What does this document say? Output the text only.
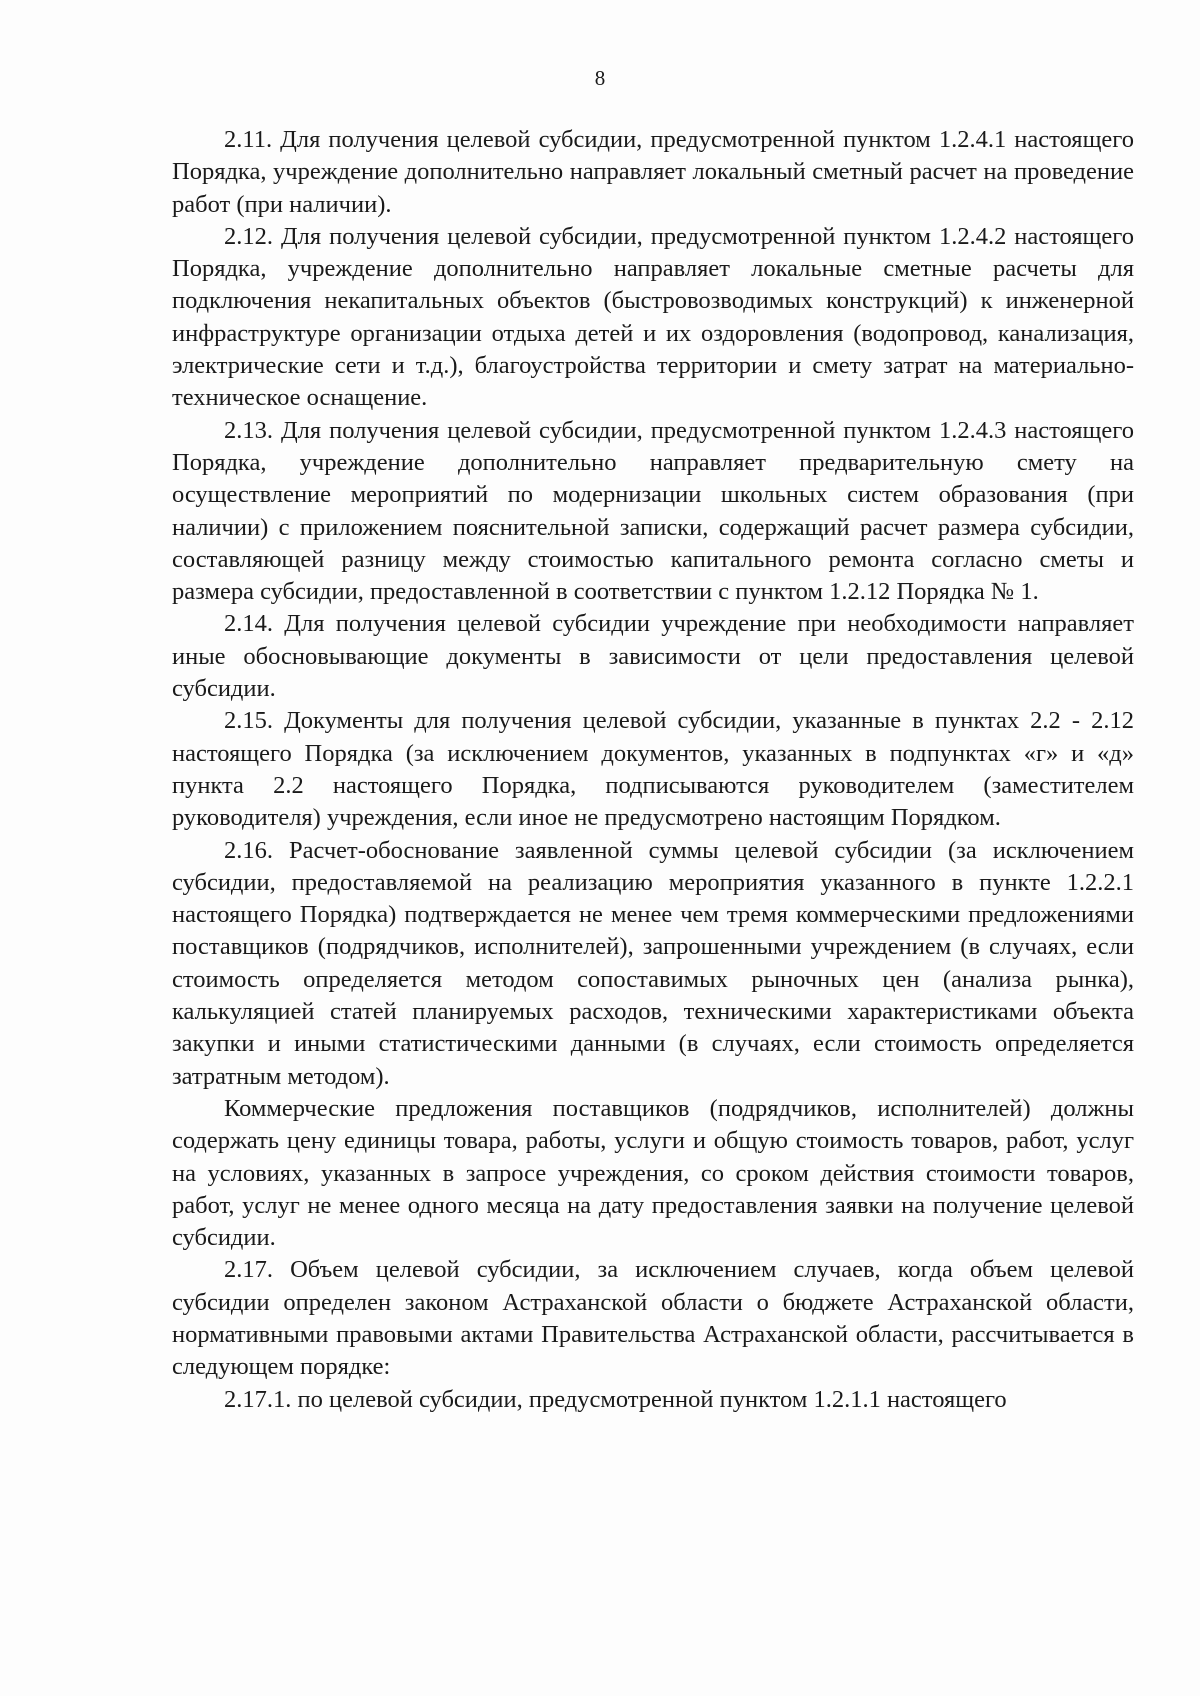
8

2.11. Для получения целевой субсидии, предусмотренной пунктом 1.2.4.1 настоящего Порядка, учреждение дополнительно направляет локальный сметный расчет на проведение работ (при наличии).

2.12. Для получения целевой субсидии, предусмотренной пунктом 1.2.4.2 настоящего Порядка, учреждение дополнительно направляет локальные сметные расчеты для подключения некапитальных объектов (быстровозводимых конструкций) к инженерной инфраструктуре организации отдыха детей и их оздоровления (водопровод, канализация, электрические сети и т.д.), благоустройства территории и смету затрат на материально-техническое оснащение.

2.13. Для получения целевой субсидии, предусмотренной пунктом 1.2.4.3 настоящего Порядка, учреждение дополнительно направляет предварительную смету на осуществление мероприятий по модернизации школьных систем образования (при наличии) с приложением пояснительной записки, содержащий расчет размера субсидии, составляющей разницу между стоимостью капитального ремонта согласно сметы и размера субсидии, предоставленной в соответствии с пунктом 1.2.12 Порядка № 1.

2.14. Для получения целевой субсидии учреждение при необходимости направляет иные обосновывающие документы в зависимости от цели предоставления целевой субсидии.

2.15. Документы для получения целевой субсидии, указанные в пунктах 2.2 - 2.12 настоящего Порядка (за исключением документов, указанных в подпунктах «г» и «д» пункта 2.2 настоящего Порядка, подписываются руководителем (заместителем руководителя) учреждения, если иное не предусмотрено настоящим Порядком.

2.16. Расчет-обоснование заявленной суммы целевой субсидии (за исключением субсидии, предоставляемой на реализацию мероприятия указанного в пункте 1.2.2.1 настоящего Порядка) подтверждается не менее чем тремя коммерческими предложениями поставщиков (подрядчиков, исполнителей), запрошенными учреждением (в случаях, если стоимость определяется методом сопоставимых рыночных цен (анализа рынка), калькуляцией статей планируемых расходов, техническими характеристиками объекта закупки и иными статистическими данными (в случаях, если стоимость определяется затратным методом).

Коммерческие предложения поставщиков (подрядчиков, исполнителей) должны содержать цену единицы товара, работы, услуги и общую стоимость товаров, работ, услуг на условиях, указанных в запросе учреждения, со сроком действия стоимости товаров, работ, услуг не менее одного месяца на дату предоставления заявки на получение целевой субсидии.

2.17. Объем целевой субсидии, за исключением случаев, когда объем целевой субсидии определен законом Астраханской области о бюджете Астраханской области, нормативными правовыми актами Правительства Астраханской области, рассчитывается в следующем порядке:

2.17.1. по целевой субсидии, предусмотренной пунктом 1.2.1.1 настоящего
